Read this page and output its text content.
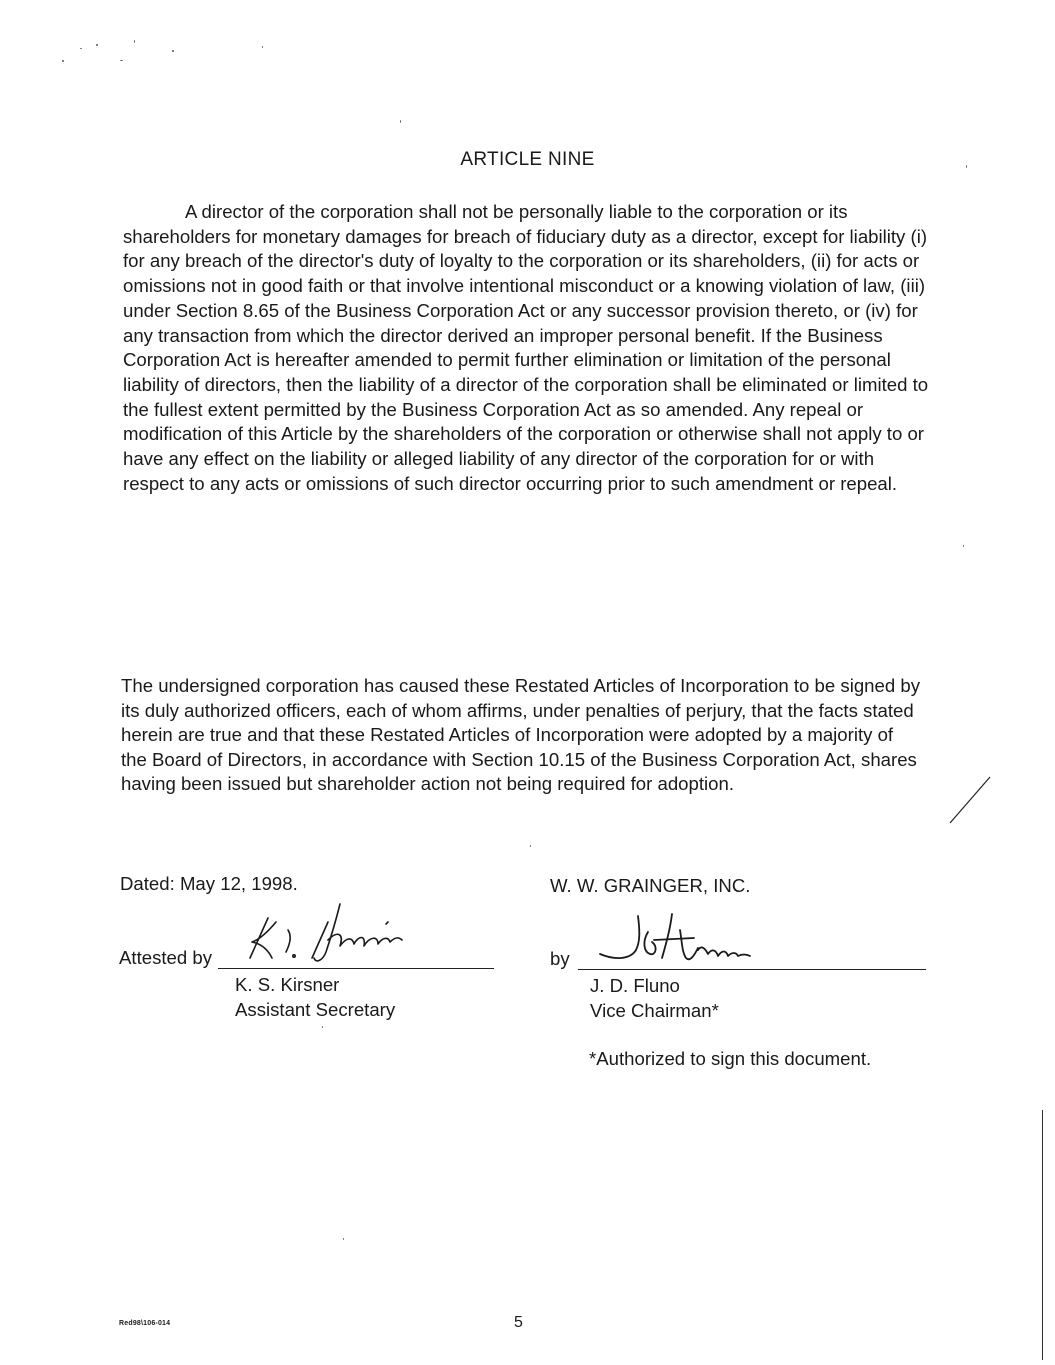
ARTICLE NINE
A director of the corporation shall not be personally liable to the corporation or its shareholders for monetary damages for breach of fiduciary duty as a director, except for liability (i) for any breach of the director's duty of loyalty to the corporation or its shareholders, (ii) for acts or omissions not in good faith or that involve intentional misconduct or a knowing violation of law, (iii) under Section 8.65 of the Business Corporation Act or any successor provision thereto, or (iv) for any transaction from which the director derived an improper personal benefit. If the Business Corporation Act is hereafter amended to permit further elimination or limitation of the personal liability of directors, then the liability of a director of the corporation shall be eliminated or limited to the fullest extent permitted by the Business Corporation Act as so amended. Any repeal or modification of this Article by the shareholders of the corporation or otherwise shall not apply to or have any effect on the liability or alleged liability of any director of the corporation for or with respect to any acts or omissions of such director occurring prior to such amendment or repeal.
The undersigned corporation has caused these Restated Articles of Incorporation to be signed by its duly authorized officers, each of whom affirms, under penalties of perjury, that the facts stated herein are true and that these Restated Articles of Incorporation were adopted by a majority of the Board of Directors, in accordance with Section 10.15 of the Business Corporation Act, shares having been issued but shareholder action not being required for adoption.
Dated: May 12, 1998.	W. W. GRAINGER, INC.
Attested by
K. S. Kirsner
Assistant Secretary
by
J. D. Fluno
Vice Chairman*
*Authorized to sign this document.
Red98\106-014	5
